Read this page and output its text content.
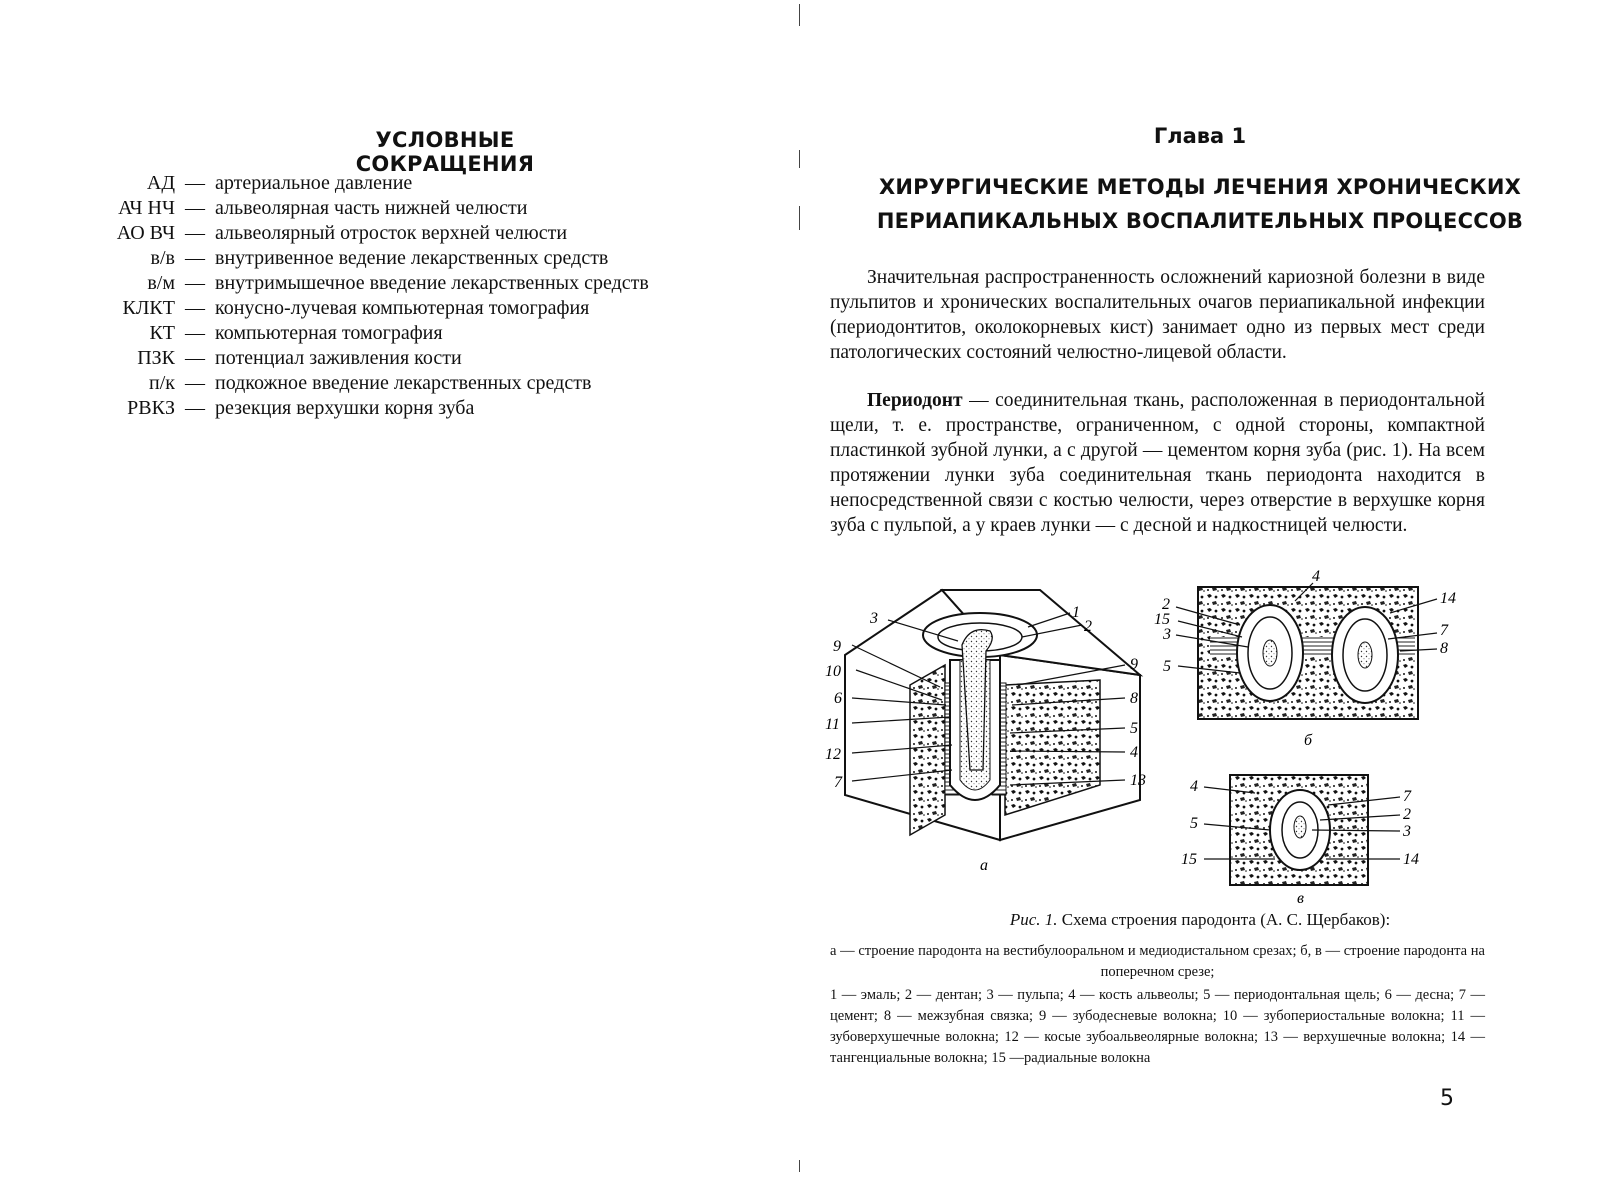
УСЛОВНЫЕ СОКРАЩЕНИЯ
АД — артериальное давление
АЧ НЧ — альвеолярная часть нижней челюсти
АО ВЧ — альвеолярный отросток верхней челюсти
в/в — внутривенное ведение лекарственных средств
в/м — внутримышечное введение лекарственных средств
КЛКТ — конусно-лучевая компьютерная томография
КТ — компьютерная томография
ПЗК — потенциал заживления кости
п/к — подкожное введение лекарственных средств
РВКЗ — резекция верхушки корня зуба
Глава 1
ХИРУРГИЧЕСКИЕ МЕТОДЫ ЛЕЧЕНИЯ ХРОНИЧЕСКИХ
ПЕРИАПИКАЛЬНЫХ ВОСПАЛИТЕЛЬНЫХ ПРОЦЕССОВ
Значительная распространенность осложнений кариозной болезни в виде пульпитов и хронических воспалительных очагов периапикальной инфекции (периодонтитов, околокорневых кист) занимает одно из первых мест среди патологических состояний челюстно-лицевой области.
Периодонт — соединительная ткань, расположенная в периодонтальной щели, т. е. пространстве, ограниченном, с одной стороны, компактной пластинкой зубной лунки, а с другой — цементом корня зуба (рис. 1). На всем протяжении лунки зуба соединительная ткань периодонта находится в непосредственной связи с костью челюсти, через отверстие в верхушке корня зуба с пульпой, а у краев лунки — с десной и надкостницей челюсти.
а
3
9
10
6
11
12
7
1
2
9
8
5
4
13
2
15
3
5
4
14
7
8
б
4
5
15
7
2
3
14
в
Рис. 1. Схема строения пародонта (А. С. Щербаков):
а — строение пародонта на вестибулооральном и медиодистальном срезах; б, в — строение пародонта на поперечном срезе;
1 — эмаль; 2 — дентан; 3 — пульпа; 4 — кость альвеолы; 5 — периодонтальная щель; 6 — десна; 7 — цемент; 8 — межзубная связка; 9 — зубодесневые волокна; 10 — зубопериостальные волокна; 11 — зубоверхушечные волокна; 12 — косые зубоальвеолярные волокна; 13 — верхушечные волокна; 14 — тангенциальные волокна; 15 —радиальные волокна
5
